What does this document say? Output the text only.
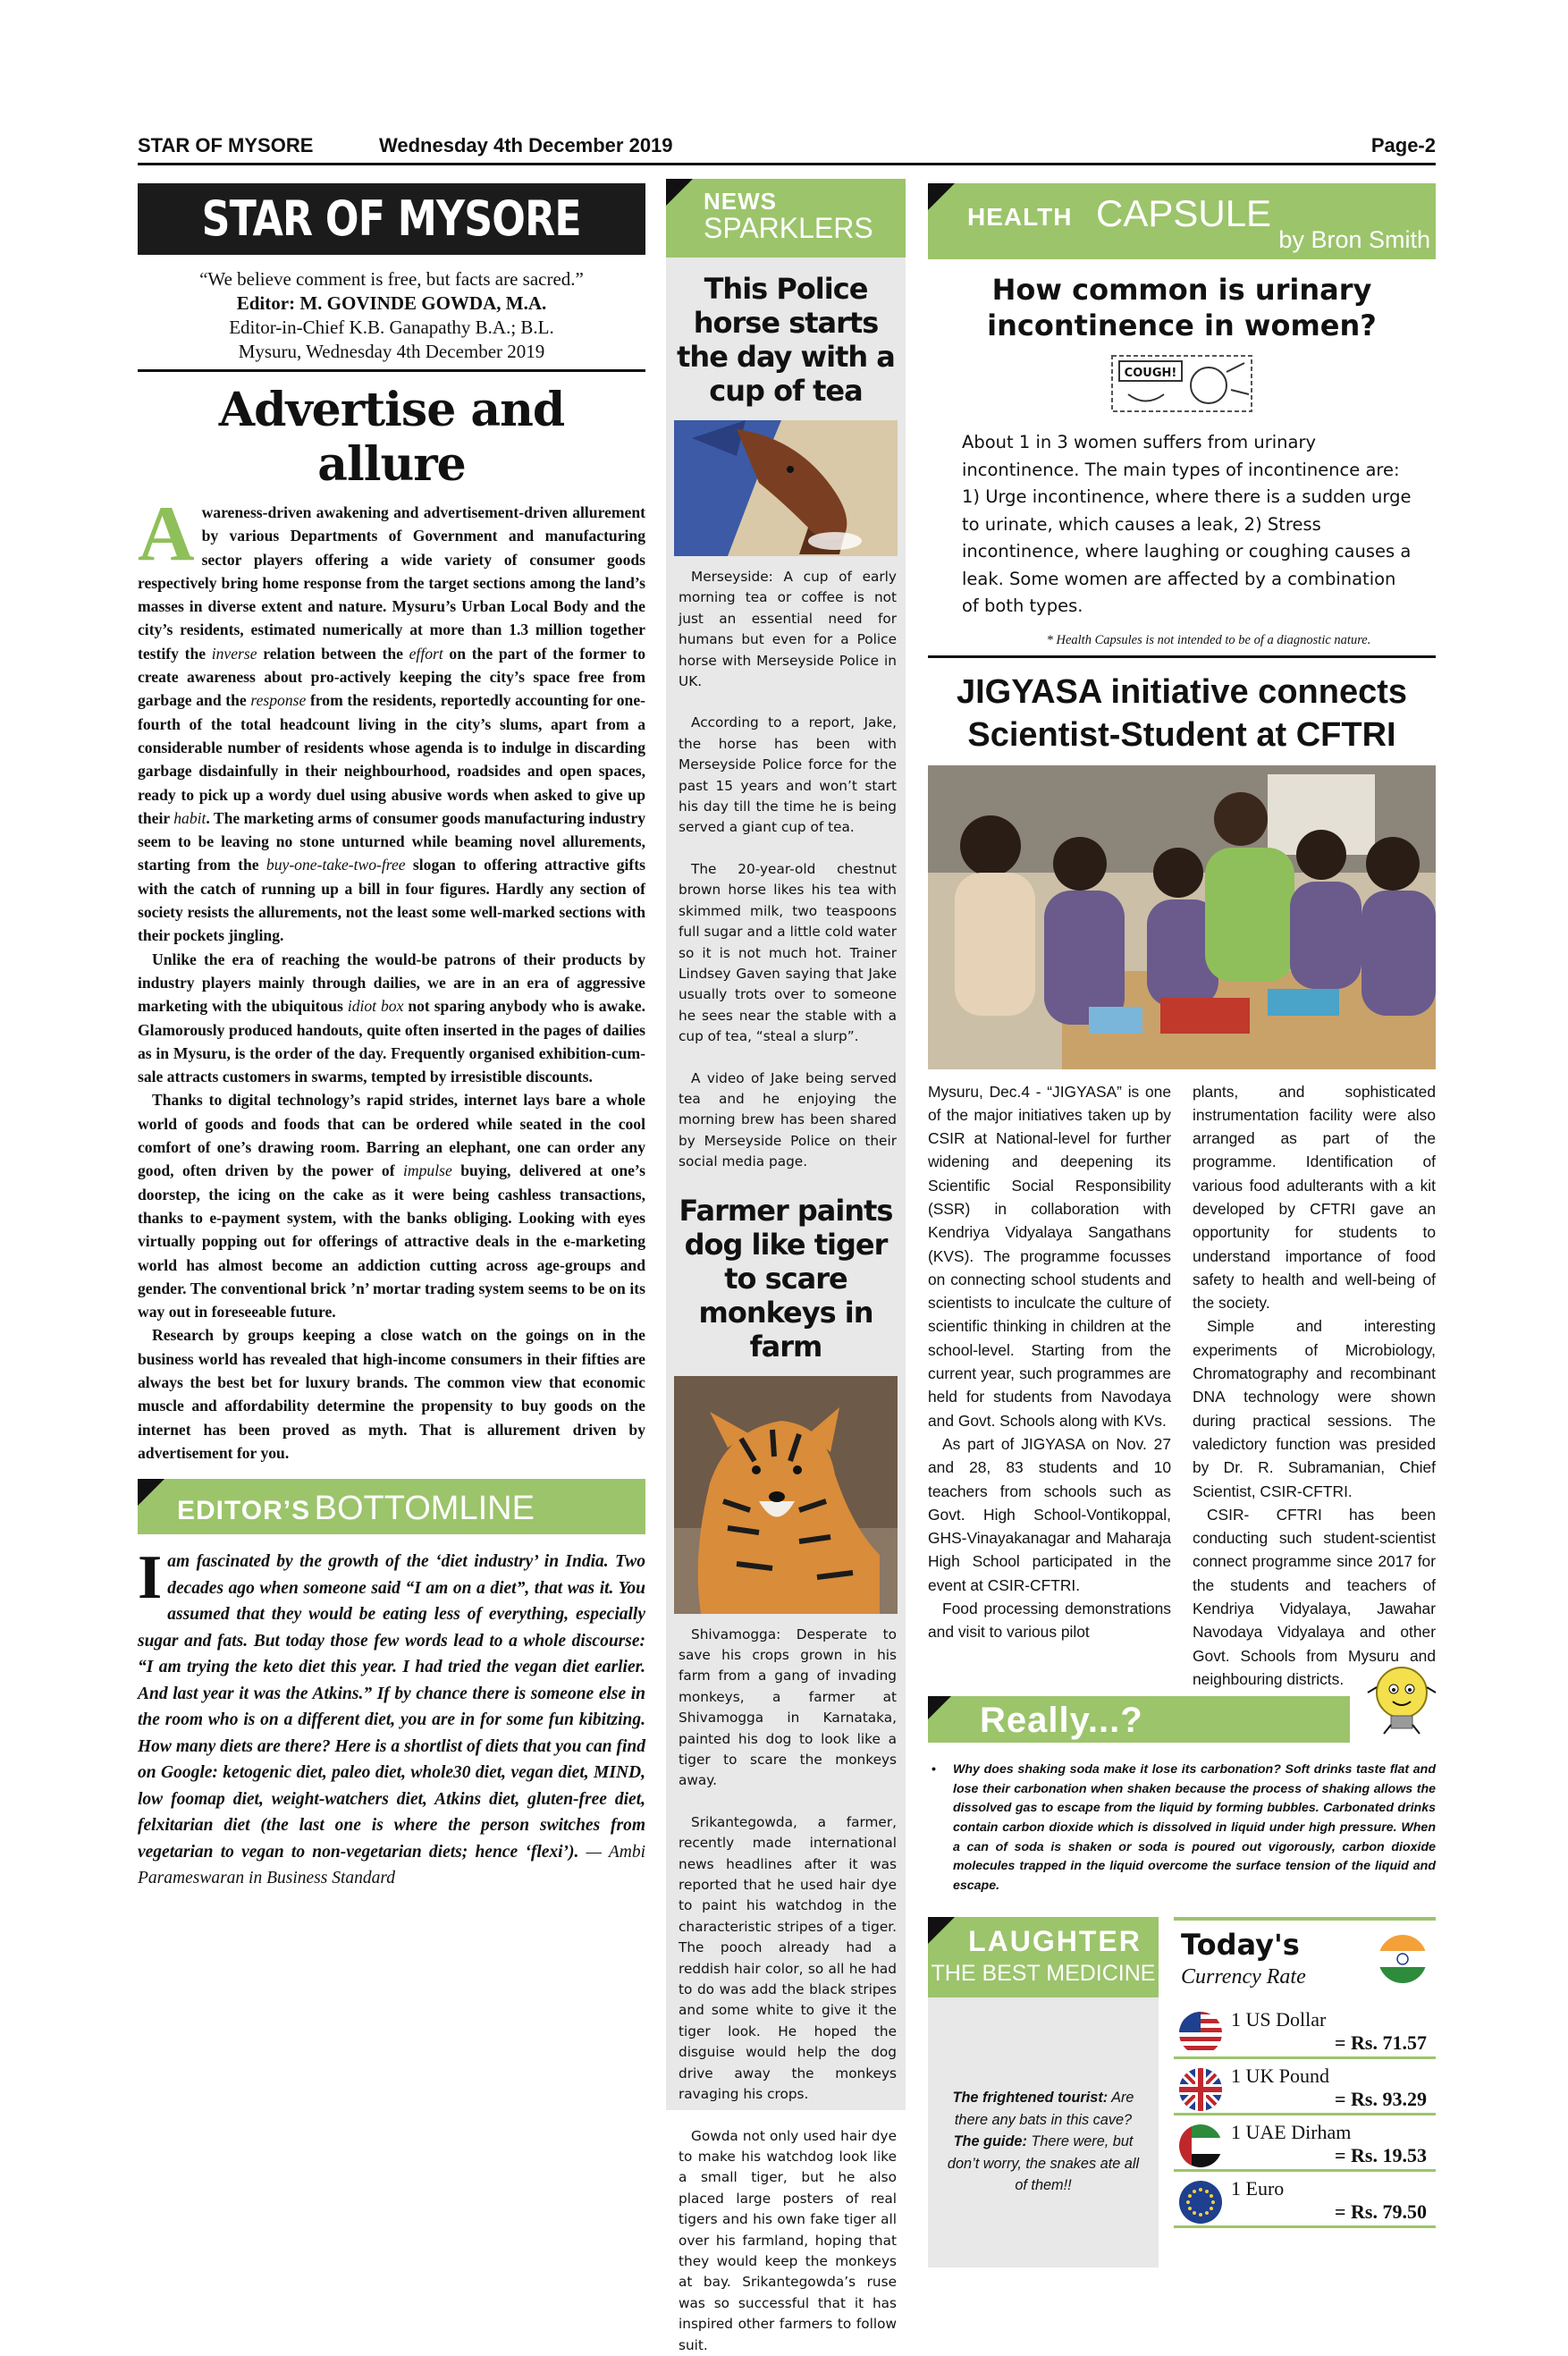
STAR OF MYSORE	Wednesday 4th December 2019	Page-2
STAR OF MYSORE
“We believe comment is free, but facts are sacred.”
Editor: M. GOVINDE GOWDA, M.A.
Editor-in-Chief K.B. Ganapathy B.A.; B.L.
Mysuru, Wednesday 4th December 2019
Advertise and allure

Awareness-driven awakening and advertisement-driven allurement by various Departments of Government and manufacturing sector players offering a wide variety of consumer goods respectively bring home response from the target sections among the land’s masses in diverse extent and nature. Mysuru’s Urban Local Body and the city’s residents, estimated numerically at more than 1.3 million together testify the inverse relation between the effort on the part of the former to create awareness about pro-actively keeping the city’s space free from garbage and the response from the residents, reportedly accounting for one-fourth of the total headcount living in the city’s slums, apart from a considerable number of residents whose agenda is to indulge in discarding garbage disdainfully in their neighbourhood, roadsides and open spaces, ready to pick up a wordy duel using abusive words when asked to give up their habit. The marketing arms of consumer goods manufacturing industry seem to be leaving no stone unturned while beaming novel allurements, starting from the buy-one-take-two-free slogan to offering attractive gifts with the catch of running up a bill in four figures. Hardly any section of society resists the allurements, not the least some well-marked sections with their pockets jingling.

Unlike the era of reaching the would-be patrons of their products by industry players mainly through dailies, we are in an era of aggressive marketing with the ubiquitous idiot box not sparing anybody who is awake. Glamorously produced handouts, quite often inserted in the pages of dailies as in Mysuru, is the order of the day. Frequently organised exhibition-cum-sale attracts customers in swarms, tempted by irresistible discounts.

Thanks to digital technology’s rapid strides, internet lays bare a whole world of goods and foods that can be ordered while seated in the cool comfort of one’s drawing room. Barring an elephant, one can order any good, often driven by the power of impulse buying, delivered at one’s doorstep, the icing on the cake as it were being cashless transactions, thanks to e-payment system, with the banks obliging. Looking with eyes virtually popping out for offerings of attractive deals in the e-marketing world has almost become an addiction cutting across age-groups and gender. The conventional brick ’n’ mortar trading system seems to be on its way out in foreseeable future.

Research by groups keeping a close watch on the goings on in the business world has revealed that high-income consumers in their fifties are always the best bet for luxury brands. The common view that economic muscle and affordability determine the propensity to buy goods on the internet has been proved as myth. That is allurement driven by advertisement for you.

EDITOR’S BOTTOMLINE
Iam fascinated by the growth of the ‘diet industry’ in India. Two decades ago when someone said “I am on a diet”, that was it. You assumed that they would be eating less of everything, especially sugar and fats. But today those few words lead to a whole discourse: “I am trying the keto diet this year. I had tried the vegan diet earlier. And last year it was the Atkins.” If by chance there is someone else in the room who is on a different diet, you are in for some fun kibitzing. How many diets are there? Here is a shortlist of diets that you can find on Google: ketogenic diet, paleo diet, whole30 diet, vegan diet, MIND, low foomap diet, weight-watchers diet, Atkins diet, gluten-free diet, felxitarian diet (the last one is where the person switches from vegetarian to vegan to non-vegetarian diets; hence ‘flexi’). — Ambi Parameswaran in Business Standard
NEWS
SPARKLERS
This Police horse starts the day with a cup of tea

Merseyside: A cup of early morning tea or coffee is not just an essential need for humans but even for a Police horse with Merseyside Police in UK.

According to a report, Jake, the horse has been with Merseyside Police force for the past 15 years and won’t start his day till the time he is being served a giant cup of tea.

The 20-year-old chestnut brown horse likes his tea with skimmed milk, two teaspoons full sugar and a little cold water so it is not much hot. Trainer Lindsey Gaven saying that Jake usually trots over to someone he sees near the stable with a cup of tea, “steal a slurp”.

A video of Jake being served tea and he enjoying the morning brew has been shared by Merseyside Police on their social media page.

Farmer paints dog like tiger to scare monkeys in farm

Shivamogga: Desperate to save his crops grown in his farm from a gang of invading monkeys, a farmer at Shivamogga in Karnataka, painted his dog to look like a tiger to scare the monkeys away.

Srikantegowda, a farmer, recently made international news headlines after it was reported that he used hair dye to paint his watchdog in the characteristic stripes of a tiger. The pooch already had a reddish hair color, so all he had to do was add the black stripes and some white to give it the tiger look. He hoped the disguise would help the dog drive away the monkeys ravaging his crops.

Gowda not only used hair dye to make his watchdog look like a small tiger, but he also placed large posters of real tigers and his own fake tiger all over his farmland, hoping that they would keep the monkeys at bay. Srikantegowda’s ruse was so successful that it has inspired other farmers to follow suit.

HEALTH CAPSULE
by Bron Smith
How common is urinary incontinence in women?
COUGH!
About 1 in 3 women suffers from urinary incontinence. The main types of incontinence are: 1) Urge incontinence, where there is a sudden urge to urinate, which causes a leak, 2) Stress incontinence, where laughing or coughing causes a leak. Some women are affected by a combination of both types.
* Health Capsules is not intended to be of a diagnostic nature.
JIGYASA initiative connects Scientist-Student at CFTRI

Mysuru, Dec.4 - “JIGYASA” is one of the major initiatives taken up by CSIR at National-level for further widening and deepening its Scientific Social Responsibility (SSR) in collaboration with Kendriya Vidyalaya Sangathans (KVS). The programme focusses on connecting school students and scientists to inculcate the culture of scientific thinking in children at the school-level. Starting from the current year, such programmes are held for students from Navodaya and Govt. Schools along with KVs.

As part of JIGYASA on Nov. 27 and 28, 83 students and 10 teachers from schools such as Govt. High School-Vontikoppal, GHS-Vinayakanagar and Maharaja High School participated in the event at CSIR-CFTRI.

Food processing demonstrations and visit to various pilot

plants, and sophisticated instrumentation facility were also arranged as part of the programme. Identification of various food adulterants with a kit developed by CFTRI gave an opportunity for students to understand importance of food safety to health and well-being of the society.

Simple and interesting experiments of Microbiology, Chromatography and recombinant DNA technology were shown during practical sessions. The valedictory function was presided by Dr. R. Subramanian, Chief Scientist, CSIR-CFTRI.

CSIR- CFTRI has been conducting such student-scientist connect programme since 2017 for the students and teachers of Kendriya Vidyalaya, Jawahar Navodaya Vidyalaya and other Govt. Schools from Mysuru and neighbouring districts.

Really...?
• Why does shaking soda make it lose its carbonation? Soft drinks taste flat and lose their carbonation when shaken because the process of shaking allows the dissolved gas to escape from the liquid by forming bubbles. Carbonated drinks contain carbon dioxide which is dissolved in liquid under high pressure. When a can of soda is shaken or soda is poured out vigorously, carbon dioxide molecules trapped in the liquid overcome the surface tension of the liquid and escape.
LAUGHTER
THE BEST MEDICINE
The frightened tourist: Are there any bats in this cave? The guide: There were, but don’t worry, the snakes ate all of them!!
Today's
Currency Rate
1 US Dollar
= Rs. 71.57
1 UK Pound
= Rs. 93.29
1 UAE Dirham
= Rs. 19.53
1 Euro
= Rs. 79.50
